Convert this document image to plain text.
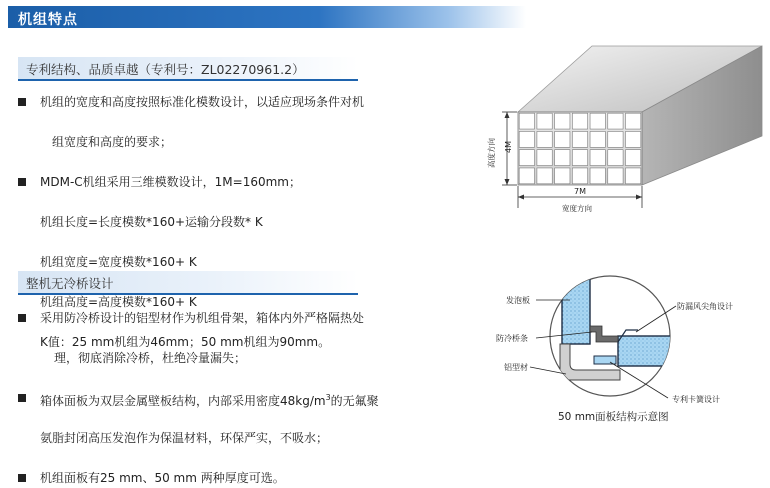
机组特点
专利结构、品质卓越（专利号：ZL02270961.2）
机组的宽度和高度按照标准化模数设计，以适应现场条件对机
组宽度和高度的要求；
MDM-C机组采用三维模数设计，1M=160mm；
机组长度=长度模数*160+运输分段数* K
机组宽度=宽度模数*160+ K
机组高度=高度模数*160+ K
K值：25 mm机组为46mm；50 mm机组为90mm。
整机无冷桥设计
采用防冷桥设计的铝型材作为机组骨架，箱体内外严格隔热处
理，彻底消除冷桥，杜绝冷量漏失；
箱体面板为双层金属壁板结构，内部采用密度$48kg/m^3$的无氟聚
氨脂封闭高压发泡作为保温材料，环保严实，不吸水；
机组面板有25 mm、50 mm 两种厚度可选。
4M
高度方向
7M
宽度方向
发泡板
防冷桥条
铝型材
防漏风尖角设计
专利卡簧设计
50 mm面板结构示意图
